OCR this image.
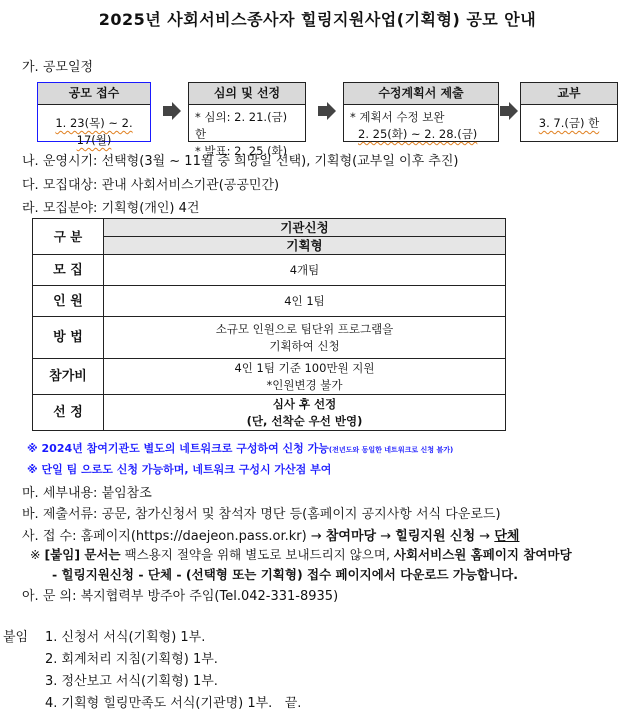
2025년 사회서비스종사자 힐링지원사업(기획형) 공모 안내
가. 공모일정
공모 접수
1. 23(목) ~ 2. 17(월)
심의 및 선정
* 심의: 2. 21.(금) 한
* 발표: 2. 25.(화)
수정계획서 제출
* 계획서 수정 보완
2. 25(화) ~ 2. 28.(금)
교부
3. 7.(금) 한
나. 운영시기: 선택형(3월 ~ 11월 중 희망일 선택), 기획형(교부일 이후 추진)
다. 모집대상: 관내 사회서비스기관(공공민간)
라. 모집분야: 기획형(개인) 4건
구 분	기관신청
	기획형
모 집	4개팀
인 원	4인 1팀
방 법	소규모 인원으로 팀단위 프로그램을
기획하여 신청

참가비	4인 1팀 기준 100만원 지원
*인원변경 불가

선 정	심사 후 선정
(단, 선착순 우선 반영)
※ 2024년 참여기관도 별도의 네트워크로 구성하여 신청 가능(전년도와 동일한 네트워크로 신청 불가)
※ 단일 팀 으로도 신청 가능하며, 네트워크 구성시 가산점 부여
마. 세부내용: 붙임참조
바. 제출서류: 공문, 참가신청서 및 참석자 명단 등(홈페이지 공지사항 서식 다운로드)
사. 접 수: 홈페이지(https://daejeon.pass.or.kr) → 참여마당 → 힐링지원 신청 → 단체
※ [붙임] 문서는 팩스용지 절약을 위해 별도로 보내드리지 않으며, 사회서비스원 홈페이지 참여마당
- 힐링지원신청 - 단체 - (선택형 또는 기획형) 접수 페이지에서 다운로드 가능합니다.
아. 문 의: 복지협력부 방주아 주임(Tel.042-331-8935)
붙임 1. 신청서 서식(기획형) 1부.
2. 회계처리 지침(기획형) 1부.
3. 정산보고 서식(기획형) 1부.
4. 기획형 힐링만족도 서식(기관명) 1부.   끝.
